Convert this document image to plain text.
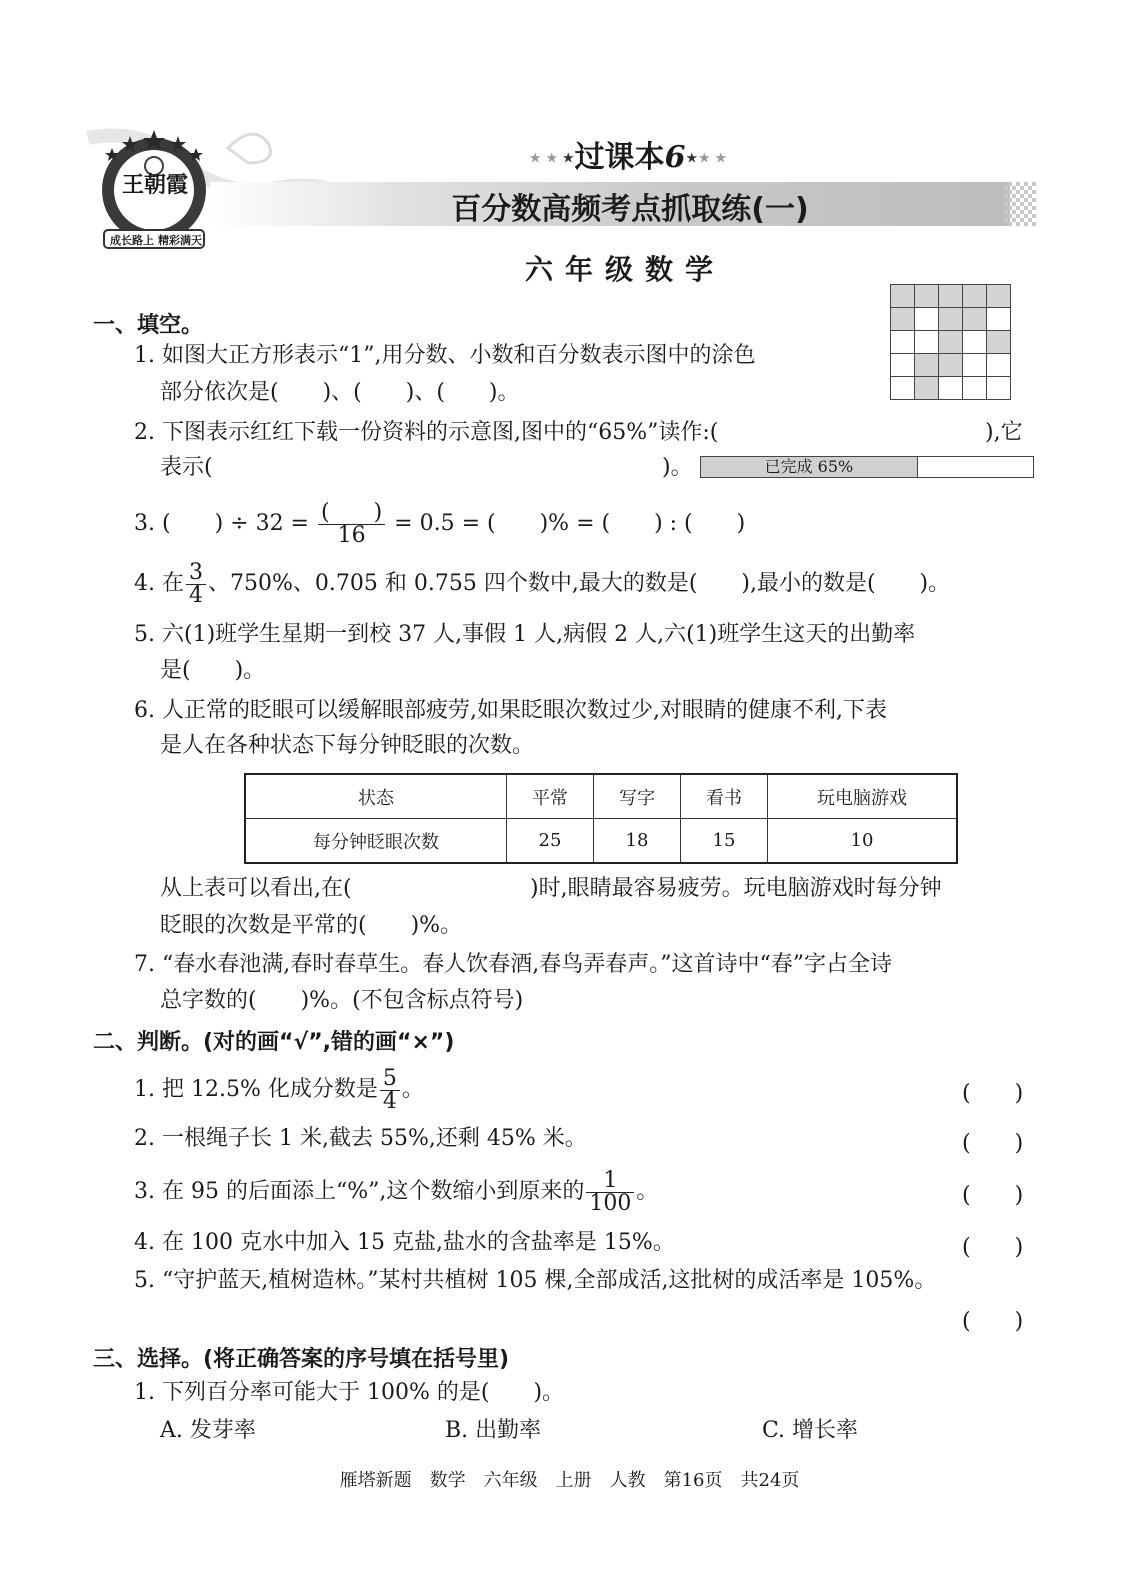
王朝霞
成长路上 精彩满天
★★★过课本6★★★
百分数高频考点抓取练(一)
六年级数学
一、填空。

1. 如图大正方形表示“1”,用分数、小数和百分数表示图中的涂色
部分依次是(　　)、(　　)、(　　)。
2. 下图表示红红下载一份资料的示意图,图中的“65%”读作:(	),它
表示(	)。	已完成 65%
3. (　　) ÷ $32 = \frac{( )}{16} = 0.5$ = (　　)% = (　　) : (　　)
4. 在 $\frac{3}{4}$ 、750%、0.705 和 0.755 四个数中,最大的数是(　　),最小的数是(　　)。
5. 六(1)班学生星期一到校 37 人,事假 1 人,病假 2 人,六(1)班学生这天的出勤率
是(　　)。
6. 人正常的眨眼可以缓解眼部疲劳,如果眨眼次数过少,对眼睛的健康不利,下表
是人在各种状态下每分钟眨眼的次数。
状态	平常	写字	看书	玩电脑游戏
每分钟眨眼次数	25	18	15	10
从上表可以看出,在(	)时,眼睛最容易疲劳。玩电脑游戏时每分钟
眨眼的次数是平常的(　　)%。
7. “春水春池满,春时春草生。春人饮春酒,春鸟弄春声。”这首诗中“春”字占全诗
总字数的(　　)%。(不包含标点符号)
二、判断。(对的画“√”,错的画“×”)
1. 把 12.5% 化成分数是 $\frac{5}{4}$ 。	(　　)
2. 一根绳子长 1 米,截去 55%,还剩 45% 米。	(　　)
3. 在 95 的后面添上“%”,这个数缩小到原来的 $\frac{1}{100}$ 。	(　　)
4. 在 100 克水中加入 15 克盐,盐水的含盐率是 15%。	(　　)
5. “守护蓝天,植树造林。”某村共植树 105 棵,全部成活,这批树的成活率是 105%。
(　　)
三、选择。(将正确答案的序号填在括号里)
1. 下列百分率可能大于 100% 的是(　　)。
A. 发芽率	B. 出勤率	C. 增长率
雁塔新题　数学　六年级　上册　人教　第16页　共24页
